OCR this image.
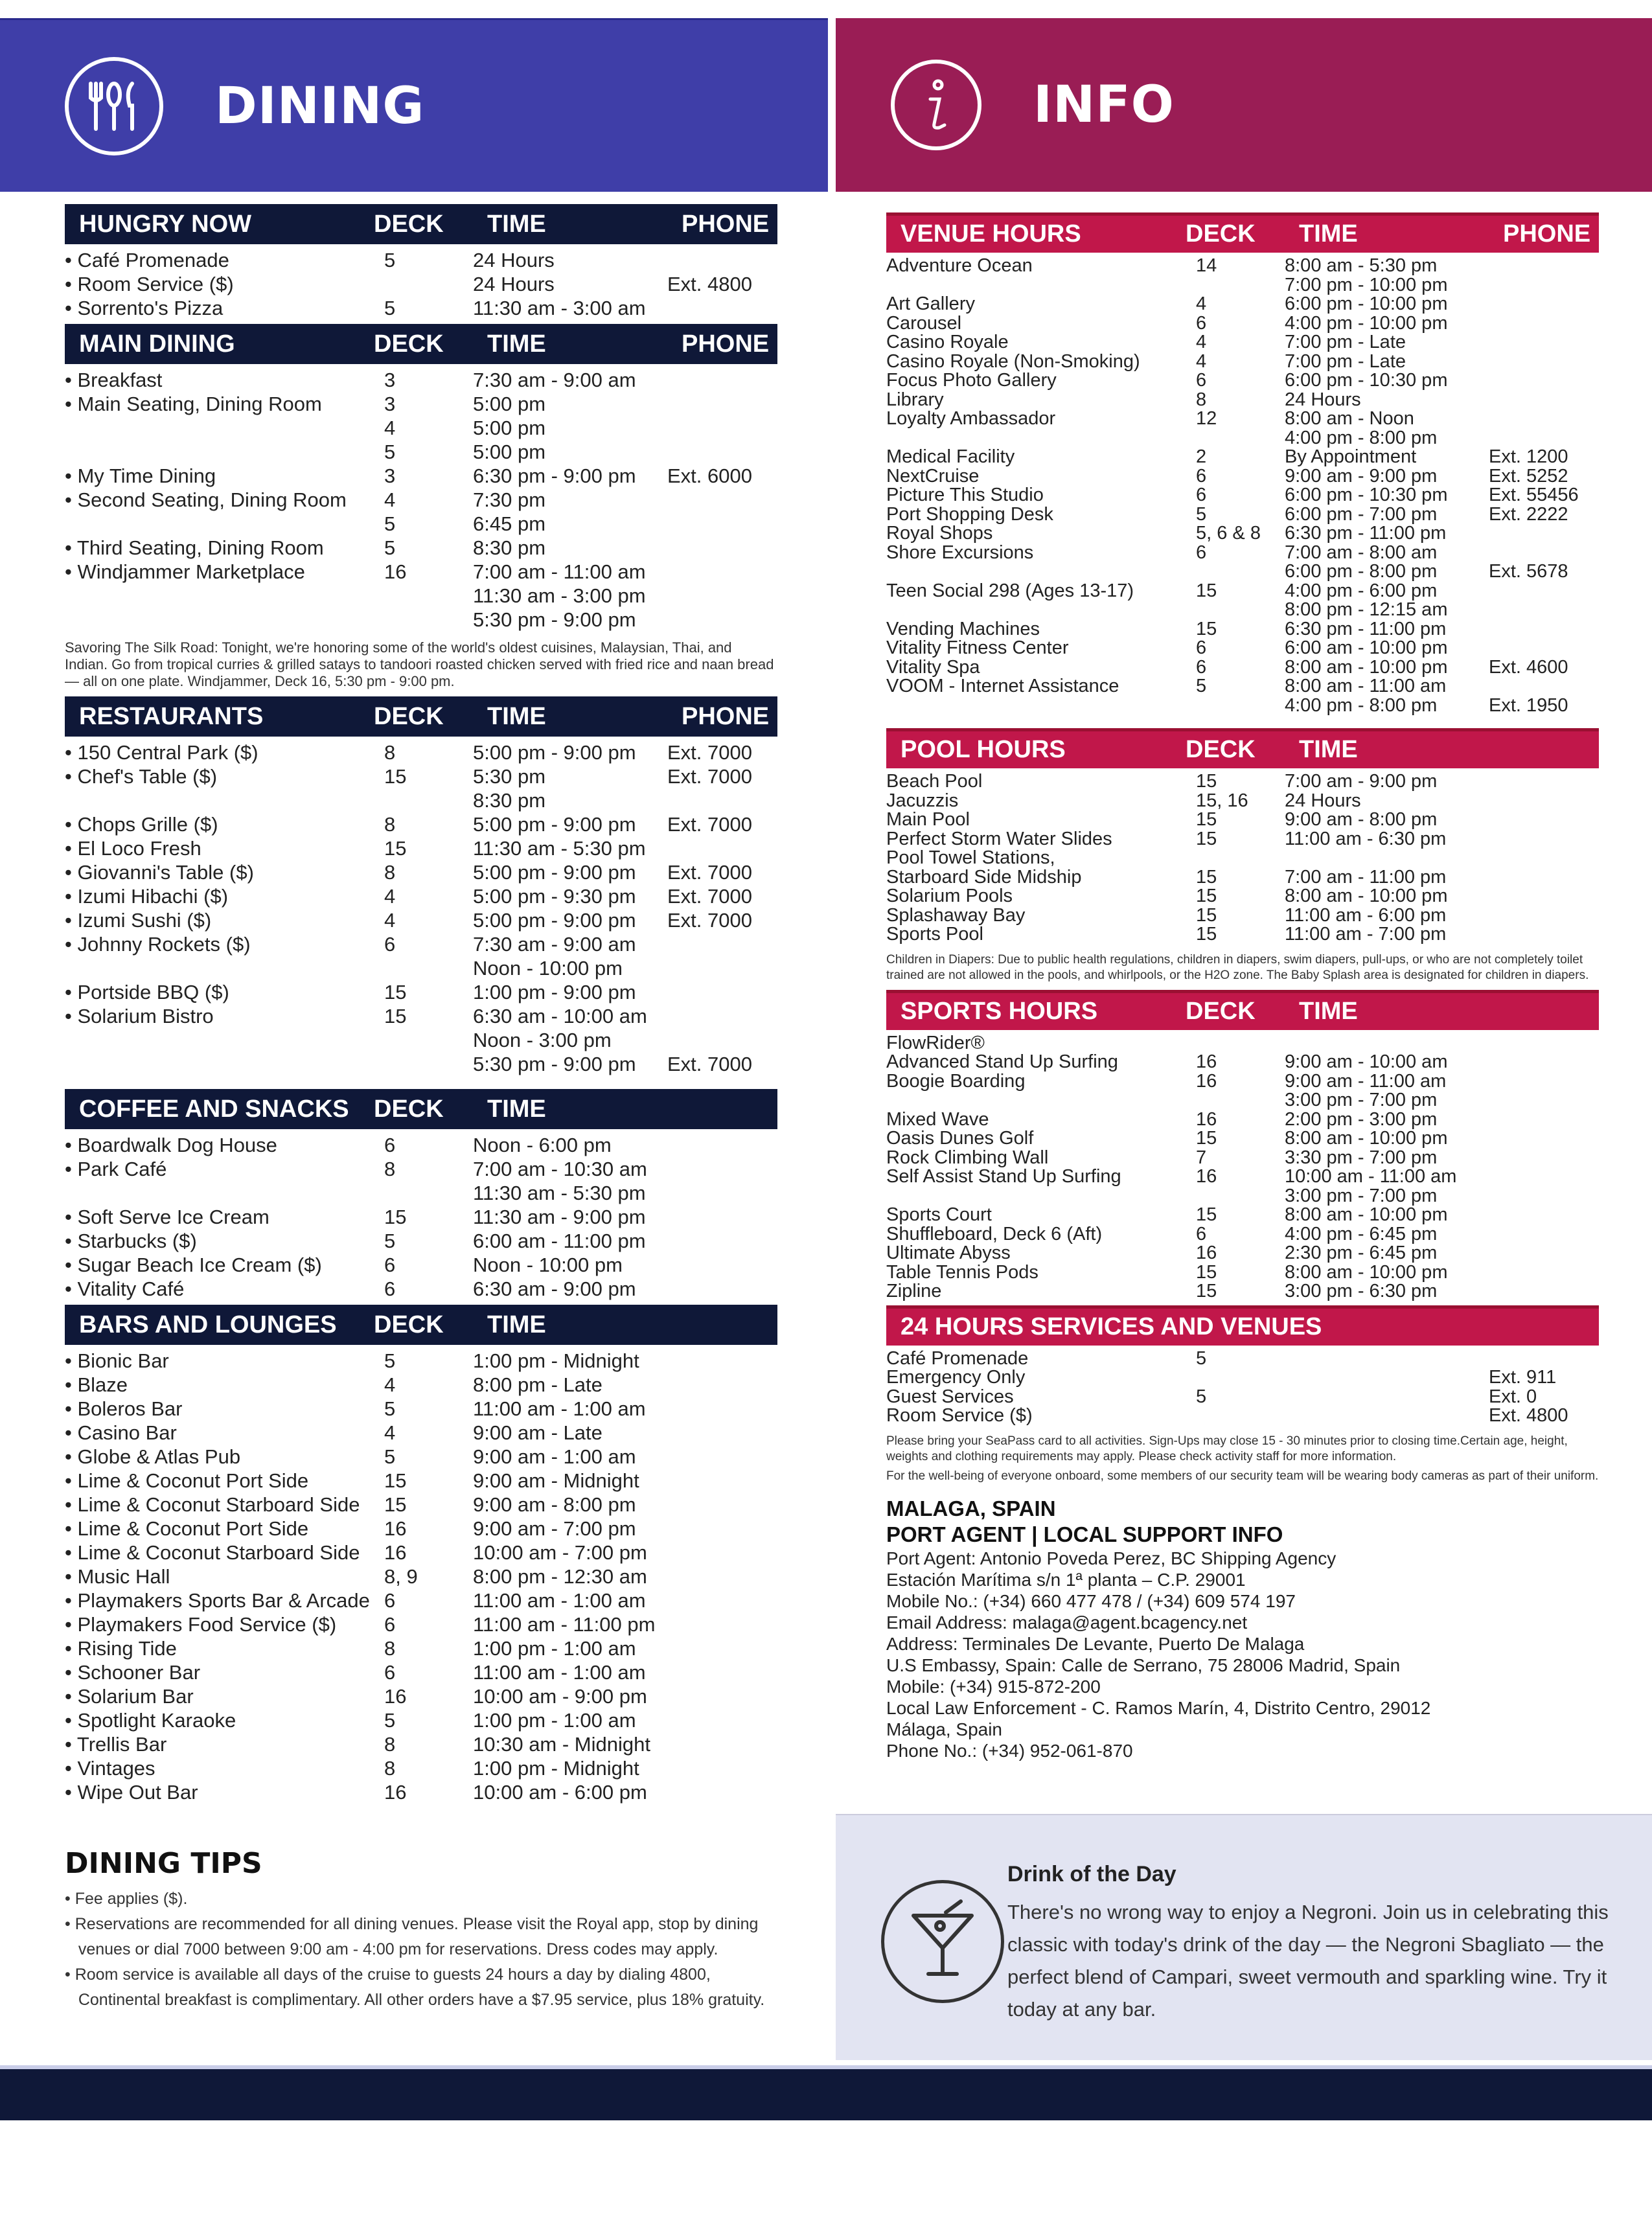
DINING	INFO
HUNGRY NOW	DECK	TIME	PHONE
• Café Promenade	5	24 Hours
• Room Service ($)	24 Hours	Ext. 4800
• Sorrento's Pizza	5	11:30 am - 3:00 am
MAIN DINING	DECK	TIME	PHONE
• Breakfast	3	7:30 am - 9:00 am
• Main Seating, Dining Room	3	5:00 pm
4	5:00 pm
5	5:00 pm
• My Time Dining	3	6:30 pm - 9:00 pm	Ext. 6000
• Second Seating, Dining Room	4	7:30 pm
5	6:45 pm
• Third Seating, Dining Room	5	8:30 pm
• Windjammer Marketplace	16	7:00 am - 11:00 am
11:30 am - 3:00 pm
5:30 pm - 9:00 pm
Savoring The Silk Road: Tonight, we're honoring some of the world's oldest cuisines, Malaysian, Thai, and Indian. Go from tropical curries & grilled satays to tandoori roasted chicken served with fried rice and naan bread — all on one plate. Windjammer, Deck 16, 5:30 pm - 9:00 pm.
RESTAURANTS	DECK	TIME	PHONE
• 150 Central Park ($)	8	5:00 pm - 9:00 pm	Ext. 7000
• Chef's Table ($)	15	5:30 pm	Ext. 7000
8:30 pm
• Chops Grille ($)	8	5:00 pm - 9:00 pm	Ext. 7000
• El Loco Fresh	15	11:30 am - 5:30 pm
• Giovanni's Table ($)	8	5:00 pm - 9:00 pm	Ext. 7000
• Izumi Hibachi ($)	4	5:00 pm - 9:30 pm	Ext. 7000
• Izumi Sushi ($)	4	5:00 pm - 9:00 pm	Ext. 7000
• Johnny Rockets ($)	6	7:30 am - 9:00 am
Noon - 10:00 pm
• Portside BBQ ($)	15	1:00 pm - 9:00 pm
• Solarium Bistro	15	6:30 am - 10:00 am
Noon - 3:00 pm
5:30 pm - 9:00 pm	Ext. 7000
COFFEE AND SNACKS	DECK	TIME
• Boardwalk Dog House	6	Noon - 6:00 pm
• Park Café	8	7:00 am - 10:30 am
11:30 am - 5:30 pm
• Soft Serve Ice Cream	15	11:30 am - 9:00 pm
• Starbucks ($)	5	6:00 am - 11:00 pm
• Sugar Beach Ice Cream ($)	6	Noon - 10:00 pm
• Vitality Café	6	6:30 am - 9:00 pm
BARS AND LOUNGES	DECK	TIME
• Bionic Bar	5	1:00 pm - Midnight
• Blaze	4	8:00 pm - Late
• Boleros Bar	5	11:00 am - 1:00 am
• Casino Bar	4	9:00 am - Late
• Globe & Atlas Pub	5	9:00 am - 1:00 am
• Lime & Coconut Port Side	15	9:00 am - Midnight
• Lime & Coconut Starboard Side	15	9:00 am - 8:00 pm
• Lime & Coconut Port Side	16	9:00 am - 7:00 pm
• Lime & Coconut Starboard Side	16	10:00 am - 7:00 pm
• Music Hall	8, 9	8:00 pm - 12:30 am
• Playmakers Sports Bar & Arcade 6	11:00 am - 1:00 am
• Playmakers Food Service ($)	6	11:00 am - 11:00 pm
• Rising Tide	8	1:00 pm - 1:00 am
• Schooner Bar	6	11:00 am - 1:00 am
• Solarium Bar	16	10:00 am - 9:00 pm
• Spotlight Karaoke	5	1:00 pm - 1:00 am
• Trellis Bar	8	10:30 am - Midnight
• Vintages	8	1:00 pm - Midnight
• Wipe Out Bar	16	10:00 am - 6:00 pm
DINING TIPS
• Fee applies ($).
• Reservations are recommended for all dining venues. Please visit the Royal app, stop by dining
venues or dial 7000 between 9:00 am - 4:00 pm for reservations. Dress codes may apply.
• Room service is available all days of the cruise to guests 24 hours a day by dialing 4800,
Continental breakfast is complimentary. All other orders have a $7.95 service, plus 18% gratuity.
VENUE HOURS	DECK	TIME	PHONE
Adventure Ocean	14	8:00 am - 5:30 pm
7:00 pm - 10:00 pm
Art Gallery	4	6:00 pm - 10:00 pm
Carousel	6	4:00 pm - 10:00 pm
Casino Royale	4	7:00 pm - Late
Casino Royale (Non-Smoking)	4	7:00 pm - Late
Focus Photo Gallery	6	6:00 pm - 10:30 pm
Library	8	24 Hours
Loyalty Ambassador	12	8:00 am - Noon
4:00 pm - 8:00 pm
Medical Facility	2	By Appointment	Ext. 1200
NextCruise	6	9:00 am - 9:00 pm	Ext. 5252
Picture This Studio	6	6:00 pm - 10:30 pm	Ext. 55456
Port Shopping Desk	5	6:00 pm - 7:00 pm	Ext. 2222
Royal Shops	5, 6 & 8	6:30 pm - 11:00 pm
Shore Excursions	6	7:00 am - 8:00 am
6:00 pm - 8:00 pm	Ext. 5678
Teen Social 298 (Ages 13-17)	15	4:00 pm - 6:00 pm
8:00 pm - 12:15 am
Vending Machines	15	6:30 pm - 11:00 pm
Vitality Fitness Center	6	6:00 am - 10:00 pm
Vitality Spa	6	8:00 am - 10:00 pm	Ext. 4600
VOOM - Internet Assistance	5	8:00 am - 11:00 am
4:00 pm - 8:00 pm	Ext. 1950
POOL HOURS	DECK	TIME
Beach Pool	15	7:00 am - 9:00 pm
Jacuzzis	15, 16	24 Hours
Main Pool	15	9:00 am - 8:00 pm
Perfect Storm Water Slides	15	11:00 am - 6:30 pm
Pool Towel Stations,
Starboard Side Midship	15	7:00 am - 11:00 pm
Solarium Pools	15	8:00 am - 10:00 pm
Splashaway Bay	15	11:00 am - 6:00 pm
Sports Pool	15	11:00 am - 7:00 pm
Children in Diapers: Due to public health regulations, children in diapers, swim diapers, pull-ups, or who are not completely toilet trained are not allowed in the pools, and whirlpools, or the H2O zone. The Baby Splash area is designated for children in diapers.
SPORTS HOURS	DECK	TIME
FlowRider®
Advanced Stand Up Surfing	16	9:00 am - 10:00 am
Boogie Boarding	16	9:00 am - 11:00 am
3:00 pm - 7:00 pm
Mixed Wave	16	2:00 pm - 3:00 pm
Oasis Dunes Golf	15	8:00 am - 10:00 pm
Rock Climbing Wall	7	3:30 pm - 7:00 pm
Self Assist Stand Up Surfing	16	10:00 am - 11:00 am
3:00 pm - 7:00 pm
Sports Court	15	8:00 am - 10:00 pm
Shuffleboard, Deck 6 (Aft)	6	4:00 pm - 6:45 pm
Ultimate Abyss	16	2:30 pm - 6:45 pm
Table Tennis Pods	15	8:00 am - 10:00 pm
Zipline	15	3:00 pm - 6:30 pm
24 HOURS SERVICES AND VENUES
Café Promenade	5
Emergency Only	Ext. 911
Guest Services	5	Ext. 0
Room Service ($)	Ext. 4800
Please bring your SeaPass card to all activities. Sign-Ups may close 15 - 30 minutes prior to closing time.Certain age, height, weights and clothing requirements may apply. Please check activity staff for more information.
For the well-being of everyone onboard, some members of our security team will be wearing body cameras as part of their uniform.
MALAGA, SPAIN
PORT AGENT | LOCAL SUPPORT INFO
Port Agent: Antonio Poveda Perez, BC Shipping Agency
Estación Marítima s/n 1ª planta – C.P. 29001
Mobile No.: (+34) 660 477 478 / (+34) 609 574 197
Email Address: malaga@agent.bcagency.net
Address: Terminales De Levante, Puerto De Malaga
U.S Embassy, Spain: Calle de Serrano, 75 28006 Madrid, Spain
Mobile: (+34) 915-872-200
Local Law Enforcement - C. Ramos Marín, 4, Distrito Centro, 29012
Málaga, Spain
Phone No.: (+34) 952-061-870
Drink of the Day
There's no wrong way to enjoy a Negroni. Join us in celebrating this classic with today's drink of the day — the Negroni Sbagliato — the perfect blend of Campari, sweet vermouth and sparkling wine. Try it today at any bar.
